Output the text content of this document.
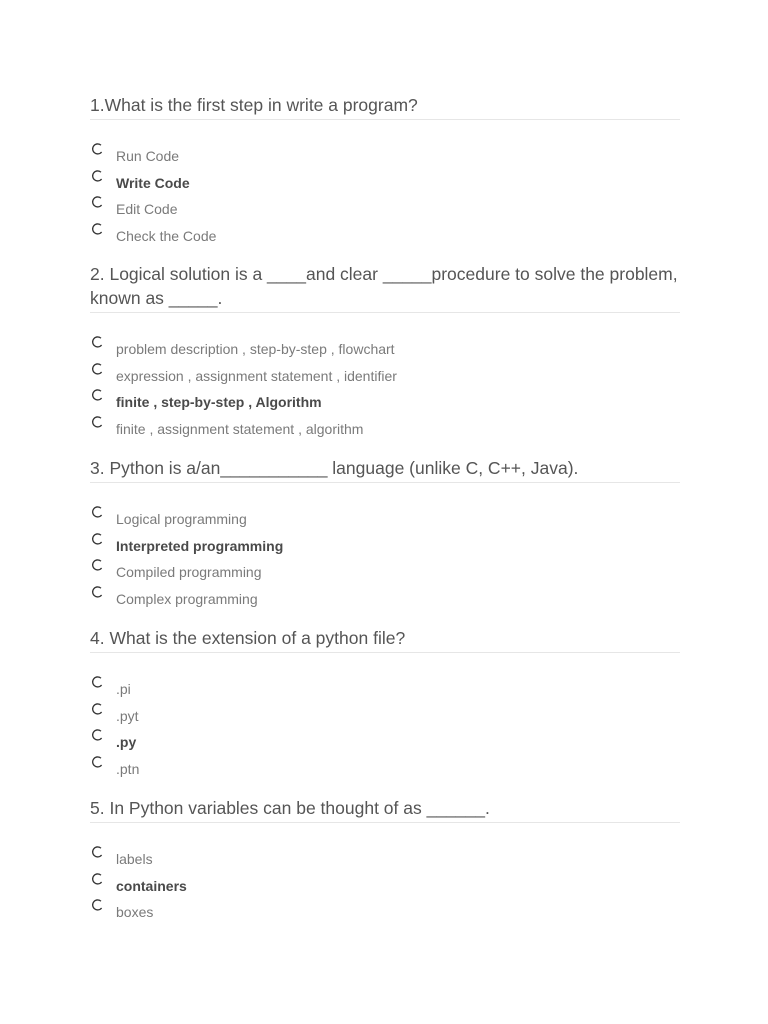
1.What is the first step in write a program?

Run Code
Write Code
Edit Code
Check the Code

2. Logical solution is a ____and clear _____procedure to solve the problem, known as _____.

problem description , step-by-step , flowchart
expression , assignment statement , identifier
finite , step-by-step , Algorithm
finite , assignment statement , algorithm

3. Python is a/an___________ language (unlike C, C++, Java).

Logical programming
Interpreted programming
Compiled programming
Complex programming

4. What is the extension of a python file?

.pi
.pyt
.py
.ptn

5. In Python variables can be thought of as ______.

labels
containers
boxes
